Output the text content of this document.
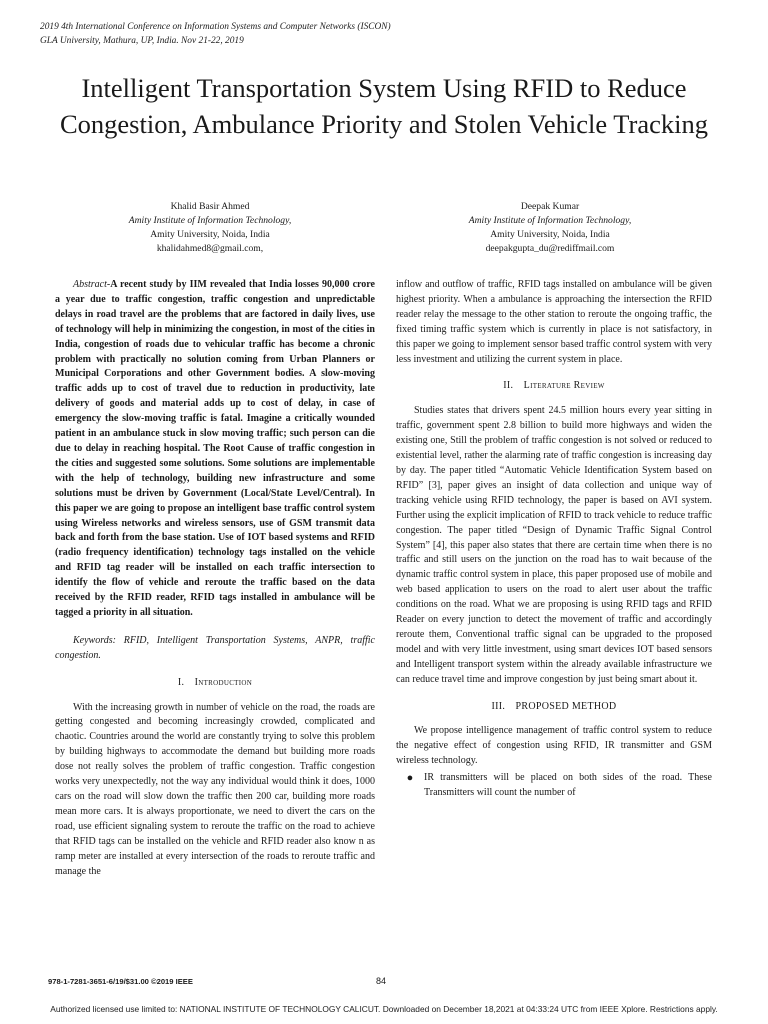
2019 4th International Conference on Information Systems and Computer Networks (ISCON)
GLA University, Mathura, UP, India. Nov 21-22, 2019
Intelligent Transportation System Using RFID to Reduce Congestion, Ambulance Priority and Stolen Vehicle Tracking
Khalid Basir Ahmed
Amity Institute of Information Technology,
Amity University, Noida, India
khalidahmed8@gmail.com,
Deepak Kumar
Amity Institute of Information Technology,
Amity University, Noida, India
deepakgupta_du@rediffmail.com

Abstract-A recent study by IIM revealed that India losses 90,000 crore a year due to traffic congestion, traffic congestion and unpredictable delays in road travel are the problems that are factored in daily lives, use of technology will help in minimizing the congestion, in most of the cities in India, congestion of roads due to vehicular traffic has become a chronic problem with practically no solution coming from Urban Planners or Municipal Corporations and other Government bodies. A slow-moving traffic adds up to cost of travel due to reduction in productivity, late delivery of goods and material adds up to cost of delay, in case of emergency the slow-moving traffic is fatal. Imagine a critically wounded patient in an ambulance stuck in slow moving traffic; such person can die due to delay in reaching hospital. The Root Cause of traffic congestion in the cities and suggested some solutions. Some solutions are implementable with the help of technology, building new infrastructure and some solutions must be driven by Government (Local/State Level/Central). In this paper we are going to propose an intelligent base traffic control system using Wireless networks and wireless sensors, use of GSM transmit data back and forth from the base station. Use of IOT based systems and RFID (radio frequency identification) technology tags installed on the vehicle and RFID tag reader will be installed on each traffic intersection to identify the flow of vehicle and reroute the traffic based on the data received by the RFID reader, RFID tags installed in ambulance will be tagged a priority in all situation.

Keywords: RFID, Intelligent Transportation Systems, ANPR, traffic congestion.

I. Introduction

With the increasing growth in number of vehicle on the road, the roads are getting congested and becoming increasingly crowded, complicated and chaotic. Countries around the world are constantly trying to solve this problem by building highways to accommodate the demand but building more roads dose not really solves the problem of traffic congestion. Traffic congestion works very unexpectedly, not the way any individual would think it does, 1000 cars on the road will slow down the traffic then 200 car, building more roads mean more cars. It is always proportionate, we need to divert the cars on the road, use efficient signaling system to reroute the traffic on the road to achieve that RFID tags can be installed on the vehicle and RFID reader also know n as ramp meter are installed at every intersection of the roads to reroute traffic and manage the

inflow and outflow of traffic, RFID tags installed on ambulance will be given highest priority. When a ambulance is approaching the intersection the RFID reader relay the message to the other station to reroute the ongoing traffic, the fixed timing traffic system which is currently in place is not satisfactory, in this paper we going to implement sensor based traffic control system with very less investment and utilizing the current system in place.

II. Literature Review

Studies states that drivers spent 24.5 million hours every year sitting in traffic, government spent 2.8 billion to build more highways and widen the existing one, Still the problem of traffic congestion is not solved or reduced to existential level, rather the alarming rate of traffic congestion is increasing day by day. The paper titled “Automatic Vehicle Identification System based on RFID” [3], paper gives an insight of data collection and unique way of tracking vehicle using RFID technology, the paper is based on AVI system. Further using the explicit implication of RFID to track vehicle to reduce traffic congestion. The paper titled “Design of Dynamic Traffic Signal Control System” [4], this paper also states that there are certain time when there is no traffic and still users on the junction on the road has to wait because of the dynamic traffic control system in place, this paper proposed use of mobile and web based application to users on the road to alert user about the traffic conditions on the road. What we are proposing is using RFID tags and RFID Reader on every junction to detect the movement of traffic and accordingly reroute them, Conventional traffic signal can be upgraded to the proposed model and with very little investment, using smart devices IOT based sensors and Intelligent transport system within the already available infrastructure we can reduce travel time and improve congestion by just being smart about it.

III. PROPOSED METHOD

We propose intelligence management of traffic control system to reduce the negative effect of congestion using RFID, IR transmitter and GSM wireless technology.

●	IR transmitters will be placed on both sides of the road. These Transmitters will count the number of

978-1-7281-3651-6/19/$31.00 ©2019 IEEE	84
Authorized licensed use limited to: NATIONAL INSTITUTE OF TECHNOLOGY CALICUT. Downloaded on December 18,2021 at 04:33:24 UTC from IEEE Xplore. Restrictions apply.
